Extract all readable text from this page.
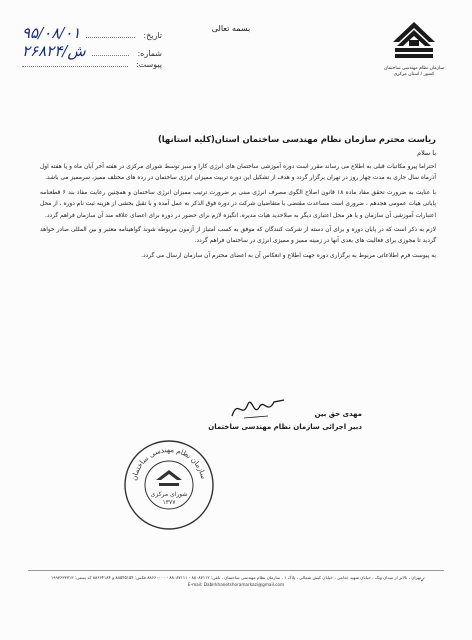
۹۵/۰۸/۰۱	:تاریخ
۲۶۸۲۴/ش	:شماره
:پیوست
بسمه تعالی
سازمان نظام مهندسی ساختمان
کشور / استان مرکزی

ریاست محترم سازمان نظام مهندسی ساختمان استان(کلیه استانها)

با سلام

احتراما پیرو مکاتبات قبلی به اطلاع می رساند مقرر است دوره آموزشی ساختمان های انرژی کارا و سبز توسط شورای مرکزی در هفته آخر آبان ماه و یا هفته اول آذرماه سال جاری به مدت چهار روز در تهران برگزار گردد و هدف از تشکیل این دوره تربیت ممیزان انرژی ساختمان در رده های مختلف ممیز، سرممیز می باشد.

با عنایت به ضرورت تحقق مفاد ماده ۱۸ قانون اصلاح الگوی مصرف انرژی مبنی بر ضرورت ترتیب ممیزان انرژی ساختمان و همچنین رعایت مفاد بند ۶ قطعنامه پایانی هیات عمومی هجدهم ، ضروری است مساعدت مقتضی با متقاضیان شرکت در دوره فوق الذکر به عمل آمده و با تقبل بخشی از هزینه ثبت نام دوره ، از محل اعتبارات آموزشی آن سازمان و یا هر محل اعتباری دیگر به صلاحدید هیات مدیره، انگیزه لازم برای حضور در دوره برای اعضای علاقه مند آن سازمان فراهم گردد.

لازم به ذکر است که در پایان دوره و برای آن دسته از شرکت کنندگان که موفق به کسب امتیاز از آزمون مربوطه شوند گواهینامه معتبر و بین المللی صادر خواهد گردید تا مجوزی برای فعالیت های بعدی آنها در زمینه ممیز و ممیزی انرژی در ساختمان فراهم گردد.

به پیوست فرم اطلاعاتی مربوط به برگزاری دوره جهت اطلاع و انعکاس آن به اعضای محترم آن سازمان ارسال می گردد.

مهدی حق بین
دبیر اجرائی سازمان نظام مهندسی ساختمان
سازمان نظام مهندسی ساختمان
شورای مرکزی
۱۳۷۷
تهران ، بالاتر از میدان ونک ، خیابان شهید خدامی ، خیابان کیش شمالی ، پلاک ۱ ، سازمان نظام مهندسی ساختمان ، تلفن: ۸۸۰۸۷۱۱۲ - ۸۸۰۸۷۱۱۱ - ۸۸۶۶۰۰۰۰ فکس: ۸۸۵۴۵۱۵۴ و ۸۸۶۶۴۱۸۴ کد پستی: ۱۹۹۳۶۳۳۷۱۳
E-mail: Dabirkhanetshoramarkazi@gmail.com
✓
